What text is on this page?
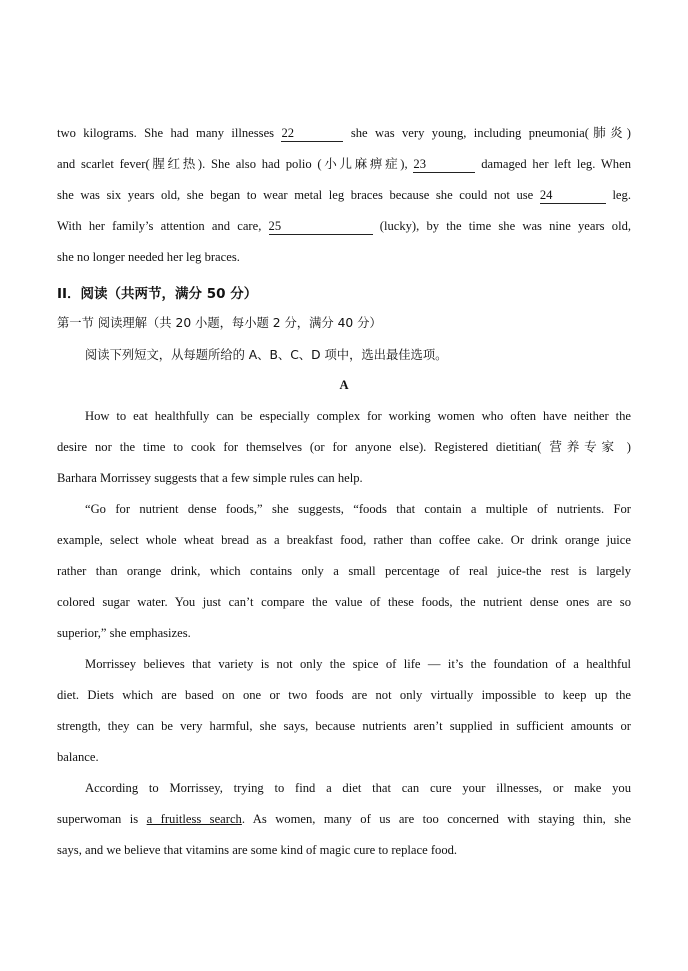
two kilograms. She had many illnesses 22	she was very young, including pneumonia(肺炎)
and scarlet fever(腥红热). She also had polio (小儿麻痹症), 23	damaged her left leg. When
she was six years old, she began to wear metal leg braces because she could not use 24	leg.
With her family’s attention and care, 25	(lucky), by the time she was nine years old,
she no longer needed her leg braces.
II．阅读（共两节，满分 50 分）
第一节 阅读理解（共 20 小题，每小题 2 分，满分 40 分）
阅读下列短文，从每题所给的 A、B、C、D 项中，选出最佳选项。
A
How to eat healthfully can be especially complex for working women who often have neither the
desire nor the time to cook for themselves (or for anyone else). Registered dietitian( 营养专家 )
Barhara Morrissey suggests that a few simple rules can help.
“Go for nutrient dense foods,” she suggests, “foods that contain a multiple of nutrients. For
example, select whole wheat bread as a breakfast food, rather than coffee cake. Or drink orange juice
rather than orange drink, which contains only a small percentage of real juice-the rest is largely
colored sugar water. You just can’t compare the value of these foods, the nutrient dense ones are so
superior,” she emphasizes.
Morrissey believes that variety is not only the spice of life — it’s the foundation of a healthful
diet. Diets which are based on one or two foods are not only virtually impossible to keep up the
strength, they can be very harmful, she says, because nutrients aren’t supplied in sufficient amounts or
balance.
According to Morrissey, trying to find a diet that can cure your illnesses, or make you
superwoman is a fruitless search. As women, many of us are too concerned with staying thin, she
says, and we believe that vitamins are some kind of magic cure to replace food.
